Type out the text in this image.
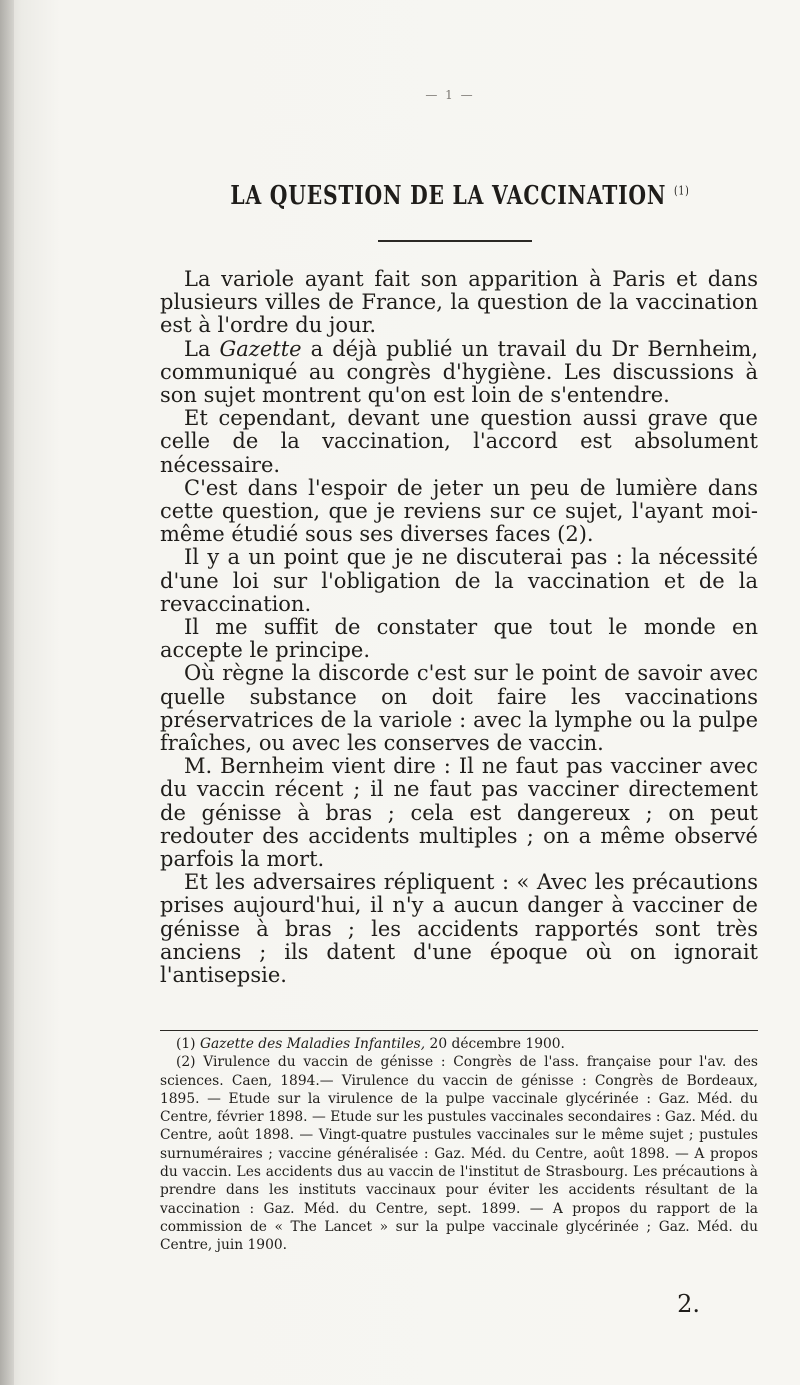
— 1 —
LA QUESTION DE LA VACCINATION $^{(1)}$

La variole ayant fait son apparition à Paris et dans plusieurs villes de France, la question de la vaccination est à l'ordre du jour.

La Gazette a déjà publié un travail du Dr Bernheim, communiqué au congrès d'hygiène. Les discussions à son sujet montrent qu'on est loin de s'entendre.

Et cependant, devant une question aussi grave que celle de la vaccination, l'accord est absolument nécessaire.

C'est dans l'espoir de jeter un peu de lumière dans cette question, que je reviens sur ce sujet, l'ayant moi-même étudié sous ses diverses faces (2).

Il y a un point que je ne discuterai pas : la nécessité d'une loi sur l'obligation de la vaccination et de la revaccination.

Il me suffit de constater que tout le monde en accepte le principe.

Où règne la discorde c'est sur le point de savoir avec quelle substance on doit faire les vaccinations préservatrices de la variole : avec la lymphe ou la pulpe fraîches, ou avec les conserves de vaccin.

M. Bernheim vient dire : Il ne faut pas vacciner avec du vaccin récent ; il ne faut pas vacciner directement de génisse à bras ; cela est dangereux ; on peut redouter des accidents multiples ; on a même observé parfois la mort.

Et les adversaires répliquent : « Avec les précautions prises aujourd'hui, il n'y a aucun danger à vacciner de génisse à bras ; les accidents rapportés sont très anciens ; ils datent d'une époque où on ignorait l'antisepsie.

(1) Gazette des Maladies Infantiles, 20 décembre 1900.

(2) Virulence du vaccin de génisse : Congrès de l'ass. française pour l'av. des sciences. Caen, 1894.— Virulence du vaccin de génisse : Congrès de Bordeaux, 1895. — Etude sur la virulence de la pulpe vaccinale glycérinée : Gaz. Méd. du Centre, février 1898. — Etude sur les pustules vaccinales secondaires : Gaz. Méd. du Centre, août 1898. — Vingt-quatre pustules vaccinales sur le même sujet ; pustules surnuméraires ; vaccine généralisée : Gaz. Méd. du Centre, août 1898. — A propos du vaccin. Les accidents dus au vaccin de l'institut de Strasbourg. Les précautions à prendre dans les instituts vaccinaux pour éviter les accidents résultant de la vaccination : Gaz. Méd. du Centre, sept. 1899. — A propos du rapport de la commission de « The Lancet » sur la pulpe vaccinale glycérinée ; Gaz. Méd. du Centre, juin 1900.

2.
